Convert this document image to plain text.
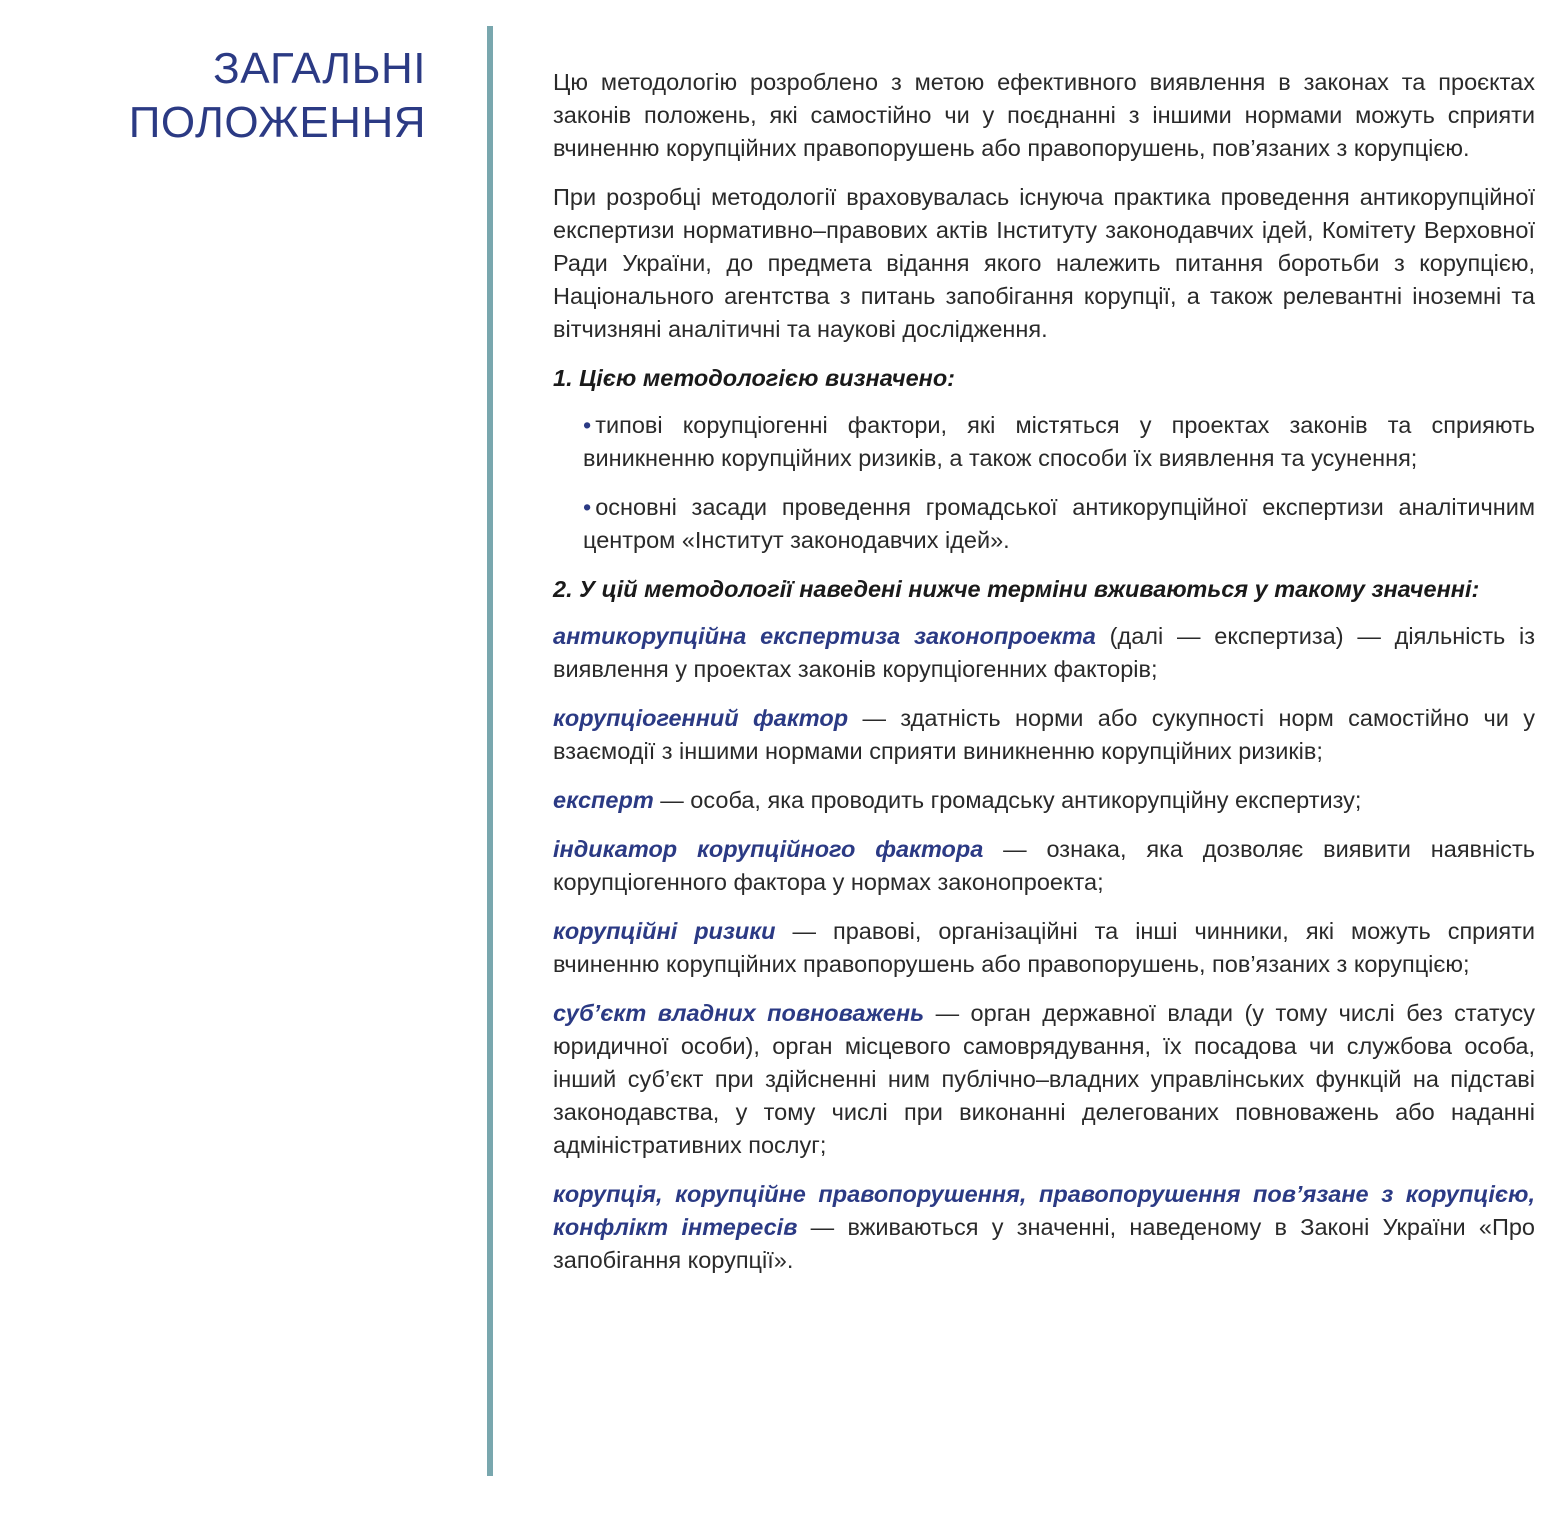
ЗАГАЛЬНІ
ПОЛОЖЕННЯ

Цю методологію розроблено з метою ефективного виявлення в законах та проєктах законів положень, які самостійно чи у поєднанні з іншими нормами можуть сприяти вчиненню корупційних правопорушень або правопорушень, пов’язаних з корупцією.

При розробці методології враховувалась існуюча практика проведення антикорупційної експертизи нормативно–правових актів Інституту законодавчих ідей, Комітету Верховної Ради України, до предмета відання якого належить питання боротьби з корупцією, Національного агентства з питань запобігання корупції, а також релевантні іноземні та вітчизняні аналітичні та наукові дослідження.

1. Цією методологією визначено:

• типові корупціогенні фактори, які містяться у проектах законів та сприяють виникненню корупційних ризиків, а також способи їх виявлення та усунення;
• основні засади проведення громадської антикорупційної експертизи аналітичним центром «Інститут законодавчих ідей».

2. У цій методології наведені нижче терміни вживаються у такому значенні:

антикорупційна експертиза законопроекта (далі — експертиза) — діяльність із виявлення у проектах законів корупціогенних факторів;

корупціогенний фактор — здатність норми або сукупності норм самостійно чи у взаємодії з іншими нормами сприяти виникненню корупційних ризиків;

експерт — особа, яка проводить громадську антикорупційну експертизу;

індикатор корупційного фактора — ознака, яка дозволяє виявити наявність корупціогенного фактора у нормах законопроекта;

корупційні ризики — правові, організаційні та інші чинники, які можуть сприяти вчиненню корупційних правопорушень або правопорушень, пов’язаних з корупцією;

суб’єкт владних повноважень — орган державної влади (у тому числі без статусу юридичної особи), орган місцевого самоврядування, їх посадова чи службова особа, інший суб’єкт при здійсненні ним публічно–владних управлінських функцій на підставі законодавства, у тому числі при виконанні делегованих повноважень або наданні адміністративних послуг;

корупція, корупційне правопорушення, правопорушення пов’язане з корупцією, конфлікт інтересів — вживаються у значенні, наведеному в Законі України «Про запобігання корупції».
